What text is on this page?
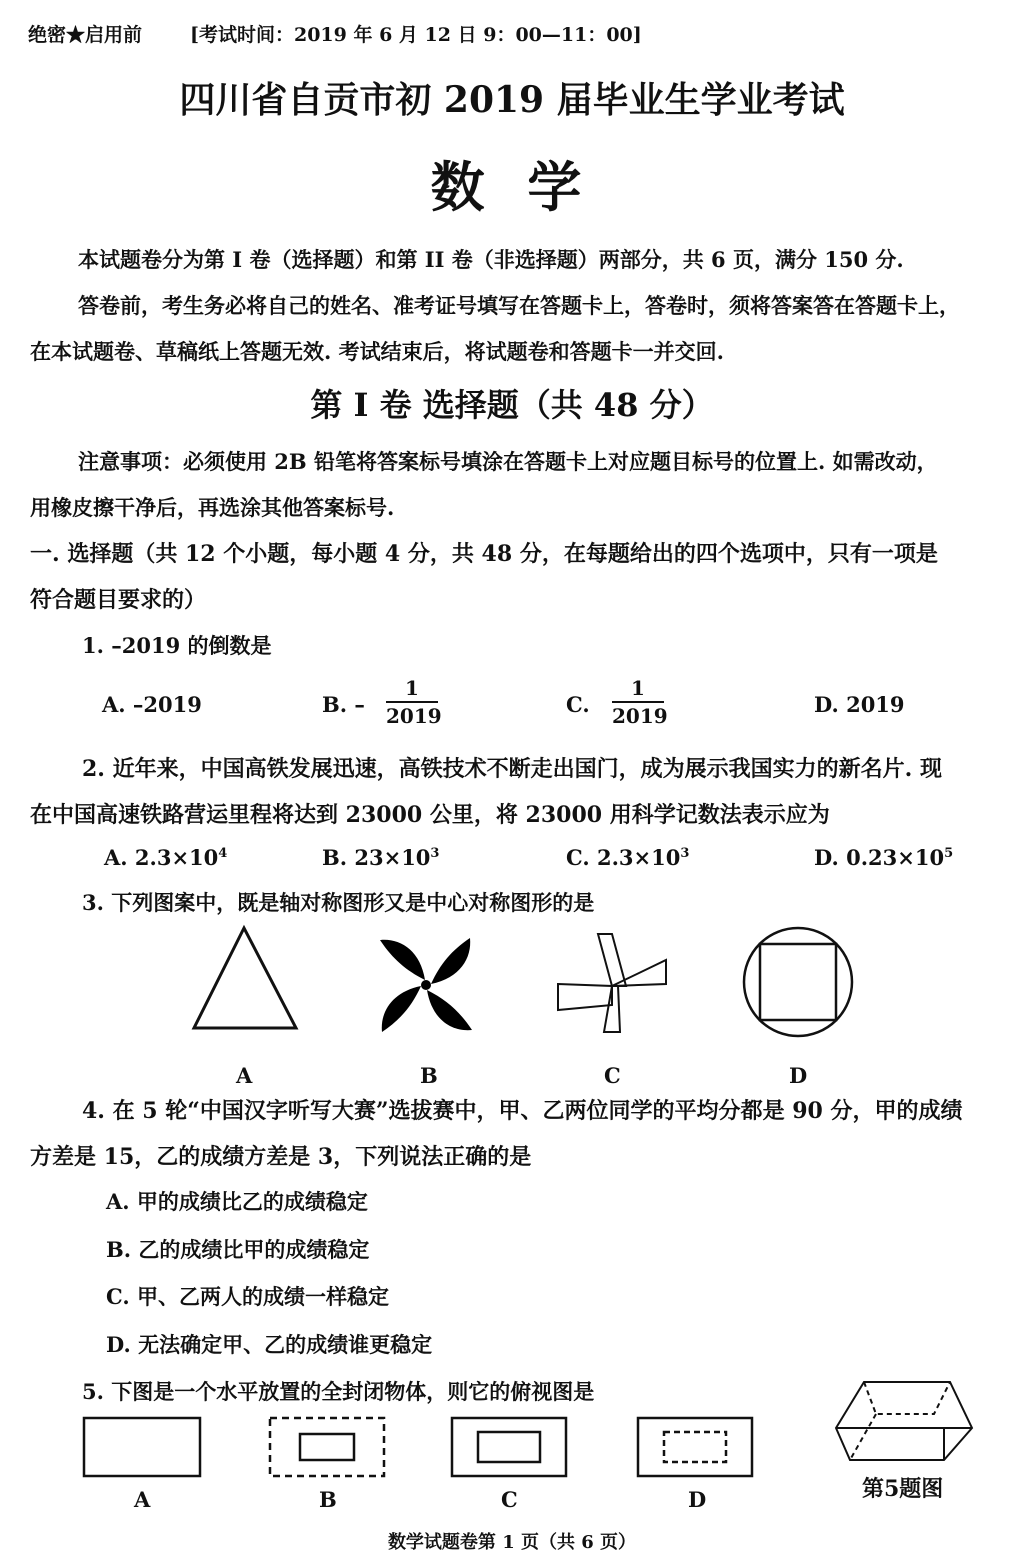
绝密★启用前	[考试时间：2019 年 6 月 12 日 9：00—11：00]
四川省自贡市初 2019 届毕业生学业考试
数 学
本试题卷分为第 I 卷（选择题）和第 II 卷（非选择题）两部分，共 6 页，满分 150 分.
答卷前，考生务必将自己的姓名、准考证号填写在答题卡上，答卷时，须将答案答在答题卡上，
在本试题卷、草稿纸上答题无效. 考试结束后，将试题卷和答题卡一并交回.
第 I 卷 选择题（共 48 分）
注意事项：必须使用 2B 铅笔将答案标号填涂在答题卡上对应题目标号的位置上. 如需改动，
用橡皮擦干净后，再选涂其他答案标号.
一. 选择题（共 12 个小题，每小题 4 分，共 48 分，在每题给出的四个选项中，只有一项是
符合题目要求的）
1. –2019 的倒数是
A. –2019	B. –
1
2019	C.
1
2019	D. 2019
2. 近年来，中国高铁发展迅速，高铁技术不断走出国门，成为展示我国实力的新名片. 现
在中国高速铁路营运里程将达到 23000 公里，将 23000 用科学记数法表示应为
A. $2.3\times 10^4$	B. $23\times 10^3$	C. $2.3\times 10^3$	D. $0.23\times 10^5$
3. 下列图案中，既是轴对称图形又是中心对称图形的是
A	B	C	D
4. 在 5 轮“中国汉字听写大赛”选拔赛中，甲、乙两位同学的平均分都是 90 分，甲的成绩
方差是 15，乙的成绩方差是 3，下列说法正确的是
A. 甲的成绩比乙的成绩稳定
B. 乙的成绩比甲的成绩稳定
C. 甲、乙两人的成绩一样稳定
D. 无法确定甲、乙的成绩谁更稳定
5. 下图是一个水平放置的全封闭物体，则它的俯视图是
A	B	C	D	第5题图
数学试题卷第 1 页（共 6 页）
